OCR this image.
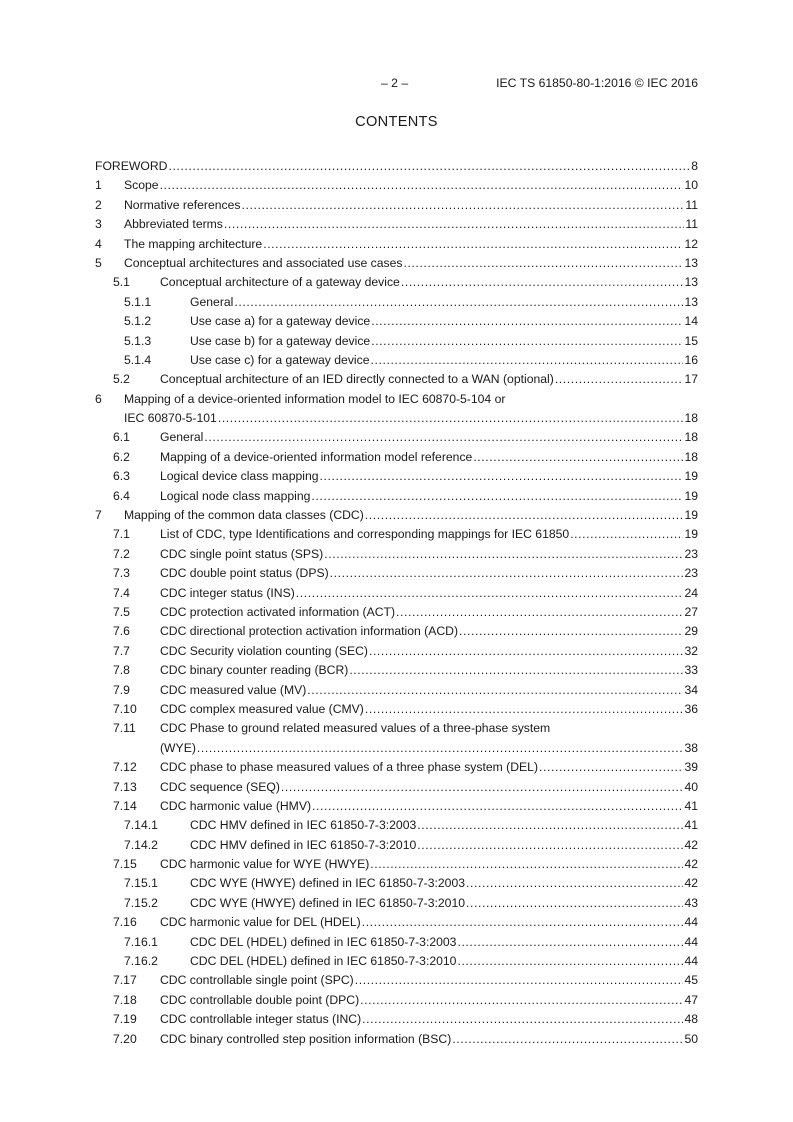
– 2 –	IEC TS 61850-80-1:2016 © IEC 2016
CONTENTS
FOREWORD .....	8
1 Scope .....	10
2 Normative references .....	11
3 Abbreviated terms .....	11
4 The mapping architecture .....	12
5 Conceptual architectures and associated use cases .....	13
5.1 Conceptual architecture of a gateway device .....	13
5.1.1	General .....	13
5.1.2	Use case a) for a gateway device .....	14
5.1.3	Use case b) for a gateway device .....	15
5.1.4	Use case c) for a gateway device .....	16
5.2 Conceptual architecture of an IED directly connected to a WAN (optional) .....	17
6 Mapping of a device-oriented information model to IEC 60870-5-104 or
IEC 60870-5-101 .....	18
6.1 General .....	18
6.2 Mapping of a device-oriented information model reference .....	18
6.3 Logical device class mapping .....	19
6.4 Logical node class mapping .....	19
7 Mapping of the common data classes (CDC) .....	19
7.1 List of CDC, type Identifications and corresponding mappings for IEC 61850 .....	19
7.2 CDC single point status (SPS) .....	23
7.3 CDC double point status (DPS) .....	23
7.4 CDC integer status (INS) .....	24
7.5 CDC protection activated information (ACT) .....	27
7.6 CDC directional protection activation information (ACD) .....	29
7.7 CDC Security violation counting (SEC) .....	32
7.8 CDC binary counter reading (BCR) .....	33
7.9 CDC measured value (MV) .....	34
7.10 CDC complex measured value (CMV) .....	36
7.11 CDC Phase to ground related measured values of a three-phase system
(WYE) .....	38
7.12 CDC phase to phase measured values of a three phase system (DEL) .....	39
7.13 CDC sequence (SEQ) .....	40
7.14 CDC harmonic value (HMV) .....	41
7.14.1	CDC HMV defined in IEC 61850-7-3:2003 .....	41
7.14.2	CDC HMV defined in IEC 61850-7-3:2010 .....	42
7.15 CDC harmonic value for WYE (HWYE) .....	42
7.15.1	CDC WYE (HWYE) defined in IEC 61850-7-3:2003 .....	42
7.15.2	CDC WYE (HWYE) defined in IEC 61850-7-3:2010 .....	43
7.16 CDC harmonic value for DEL (HDEL) .....	44
7.16.1	CDC DEL (HDEL) defined in IEC 61850-7-3:2003 .....	44
7.16.2	CDC DEL (HDEL) defined in IEC 61850-7-3:2010 .....	44
7.17 CDC controllable single point (SPC) .....	45
7.18 CDC controllable double point (DPC) .....	47
7.19 CDC controllable integer status (INC) .....	48
7.20 CDC binary controlled step position information (BSC) .....	50
